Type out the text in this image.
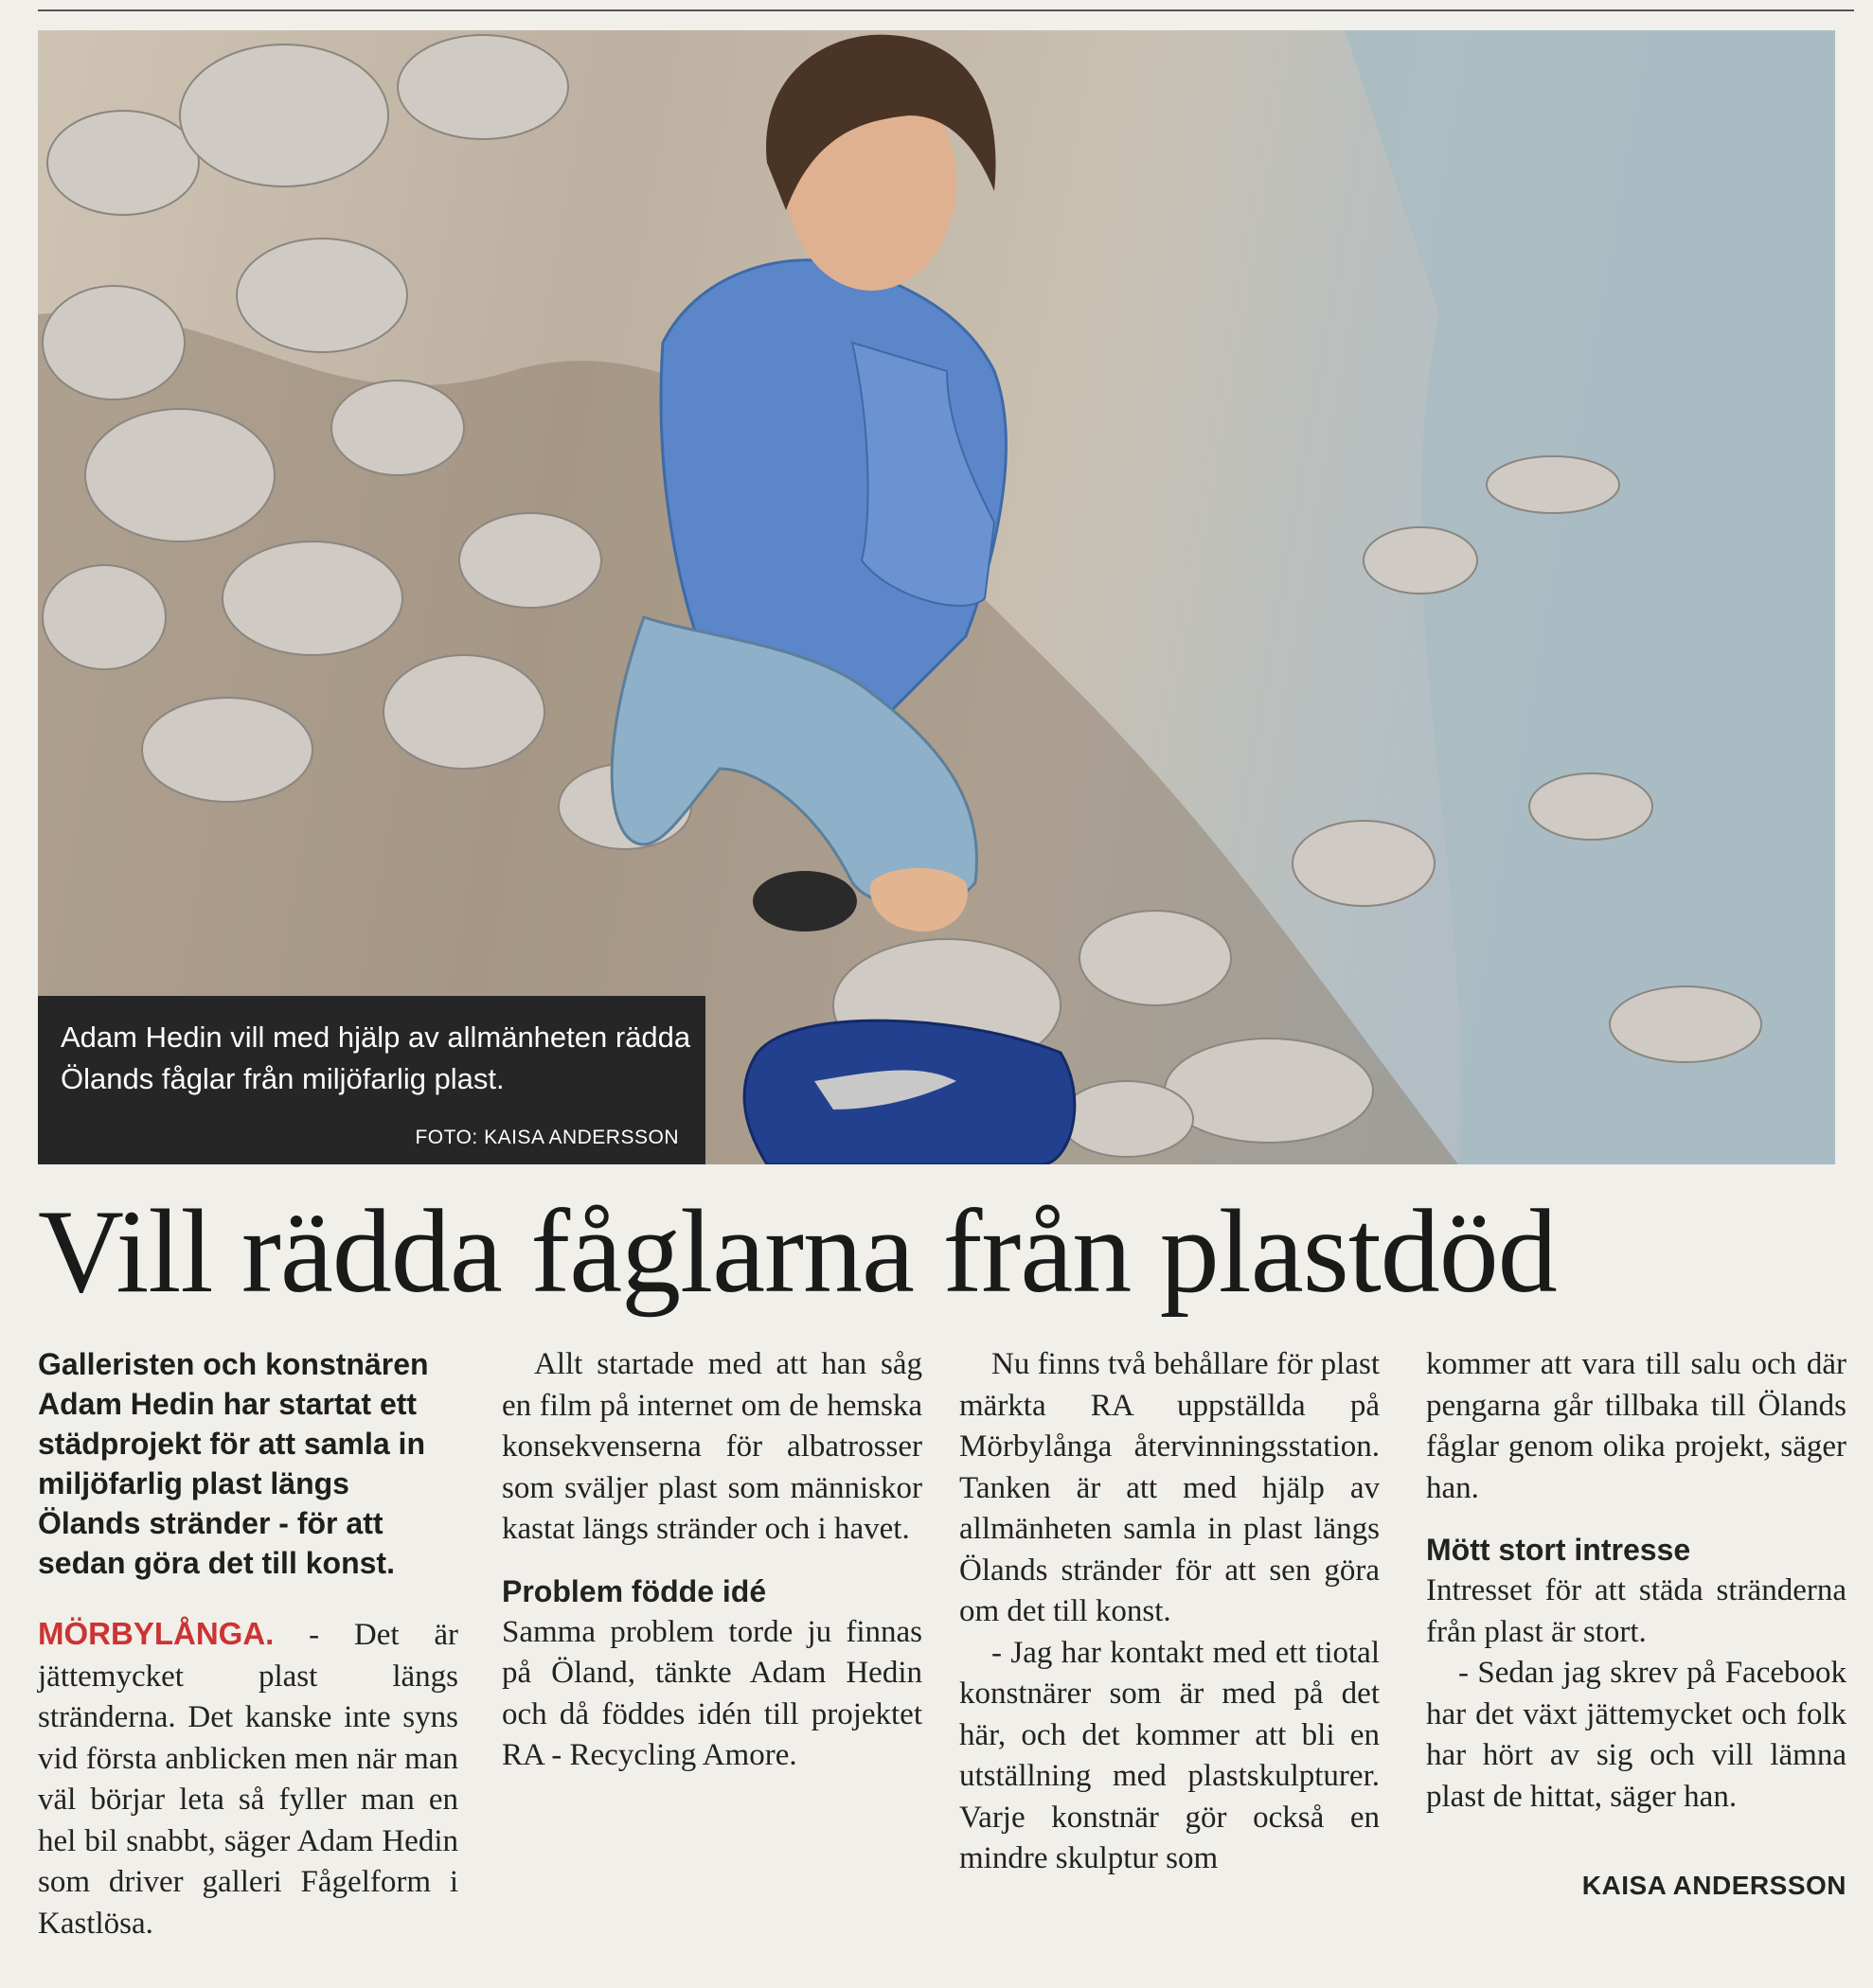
Adam Hedin vill med hjälp av allmänheten rädda Ölands fåglar från miljöfarlig plast.
FOTO: KAISA ANDERSSON
Vill rädda fåglarna från plastdöd

Galleristen och konstnären Adam Hedin har startat ett städprojekt för att samla in miljöfarlig plast längs Ölands stränder - för att sedan göra det till konst.

MÖRBYLÅNGA. - Det är jättemycket plast längs stränderna. Det kanske inte syns vid första anblicken men när man väl börjar leta så fyller man en hel bil snabbt, säger Adam Hedin som driver galleri Fågelform i Kastlösa.

Allt startade med att han såg en film på internet om de hemska konsekvenserna för albatrosser som sväljer plast som människor kastat längs stränder och i havet.

Problem födde idé

Samma problem torde ju finnas på Öland, tänkte Adam Hedin och då föddes idén till projektet RA - Recycling Amore.

Nu finns två behållare för plast märkta RA uppställda på Mörbylånga återvinningsstation. Tanken är att med hjälp av allmänheten samla in plast längs Ölands stränder för att sen göra om det till konst.

- Jag har kontakt med ett tiotal konstnärer som är med på det här, och det kommer att bli en utställning med plastskulpturer. Varje konstnär gör också en mindre skulptur som

kommer att vara till salu och där pengarna går tillbaka till Ölands fåglar genom olika projekt, säger han.

Mött stort intresse

Intresset för att städa stränderna från plast är stort.

- Sedan jag skrev på Facebook har det växt jättemycket och folk har hört av sig och vill lämna plast de hittat, säger han.

KAISA ANDERSSON
